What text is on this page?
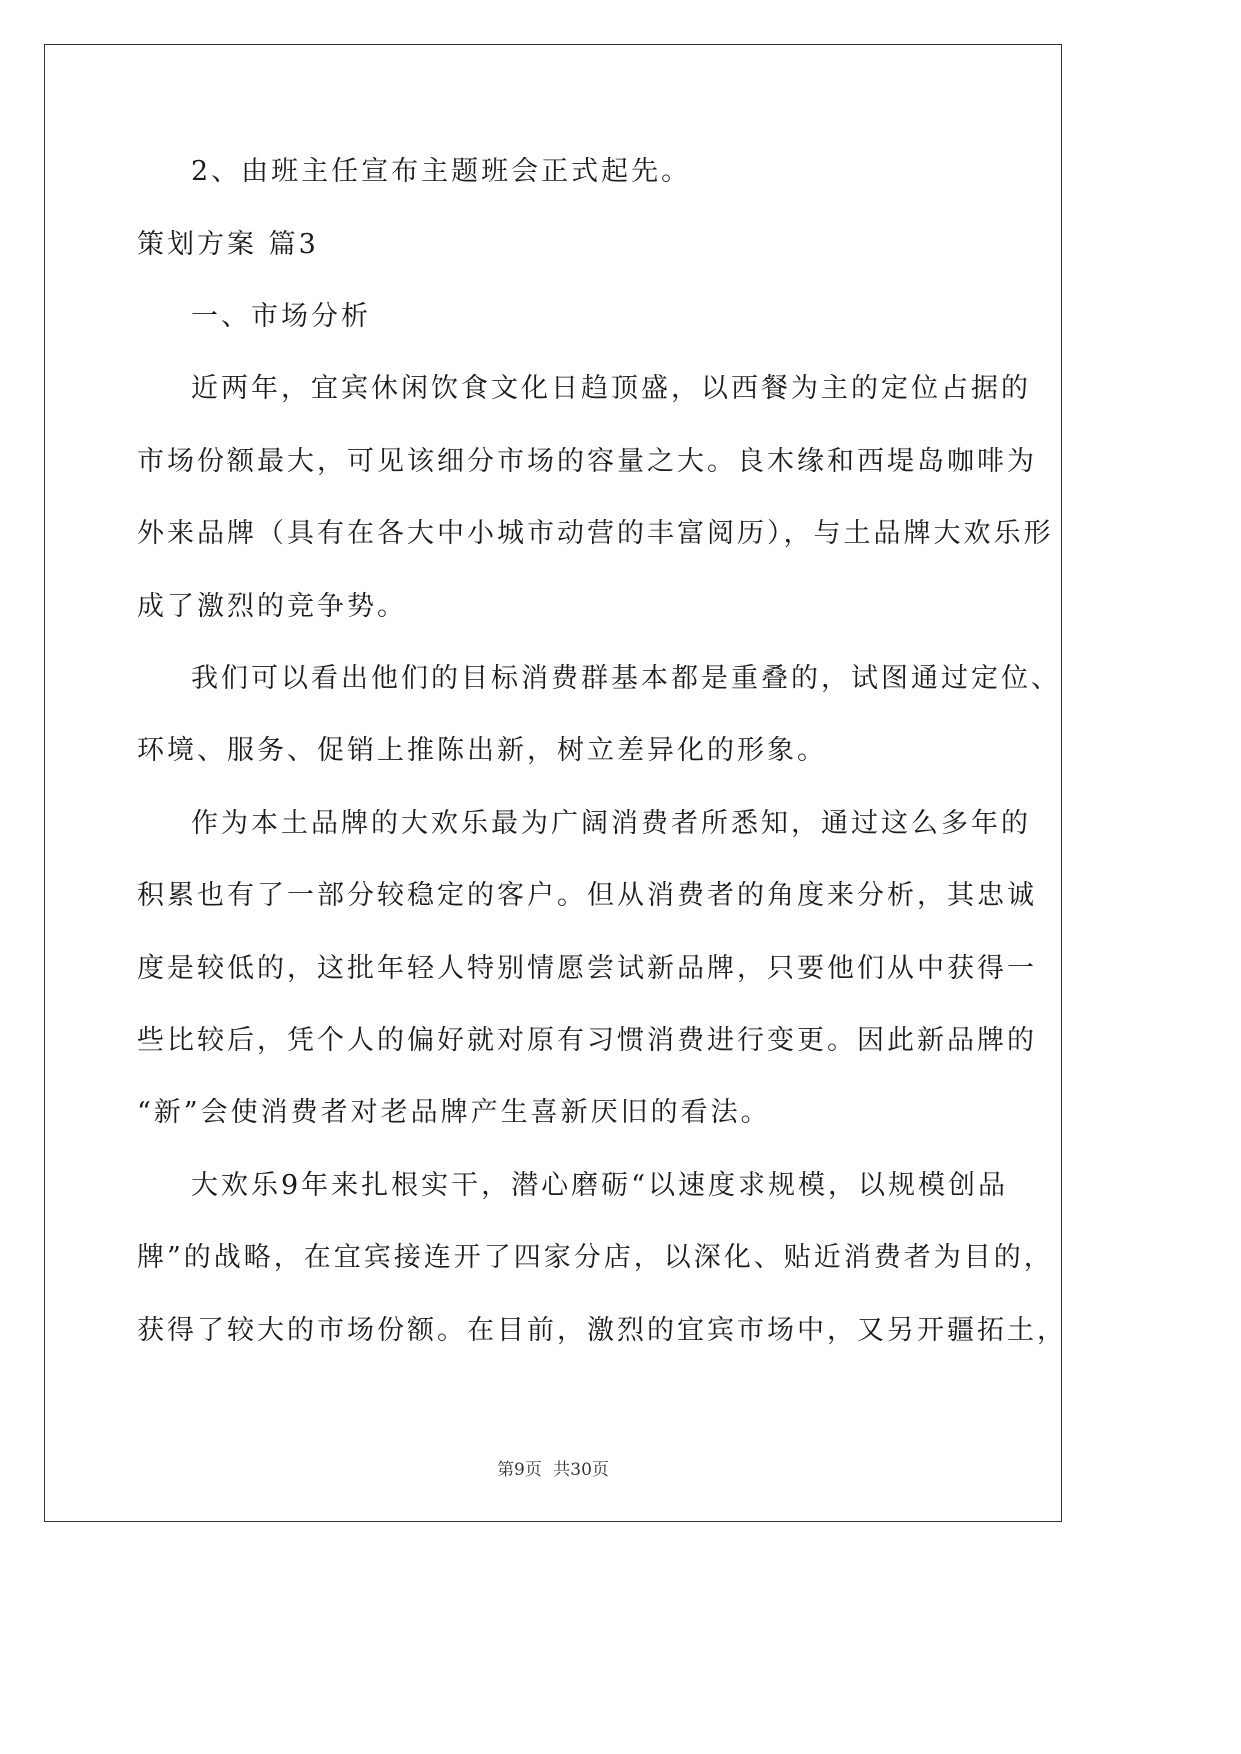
2、由班主任宣布主题班会正式起先。
策划方案 篇3
一、市场分析
近两年，宜宾休闲饮食文化日趋顶盛，以西餐为主的定位占据的
市场份额最大，可见该细分市场的容量之大。良木缘和西堤岛咖啡为
外来品牌（具有在各大中小城市动营的丰富阅历），与土品牌大欢乐形
成了激烈的竞争势。
我们可以看出他们的目标消费群基本都是重叠的，试图通过定位、
环境、服务、促销上推陈出新，树立差异化的形象。
作为本土品牌的大欢乐最为广阔消费者所悉知，通过这么多年的
积累也有了一部分较稳定的客户。但从消费者的角度来分析，其忠诚
度是较低的，这批年轻人特别情愿尝试新品牌，只要他们从中获得一
些比较后，凭个人的偏好就对原有习惯消费进行变更。因此新品牌的
“新”会使消费者对老品牌产生喜新厌旧的看法。
大欢乐9年来扎根实干，潜心磨砺“以速度求规模，以规模创品
牌”的战略，在宜宾接连开了四家分店，以深化、贴近消费者为目的，
获得了较大的市场份额。在目前，激烈的宜宾市场中，又另开疆拓土，
第9页 共30页
